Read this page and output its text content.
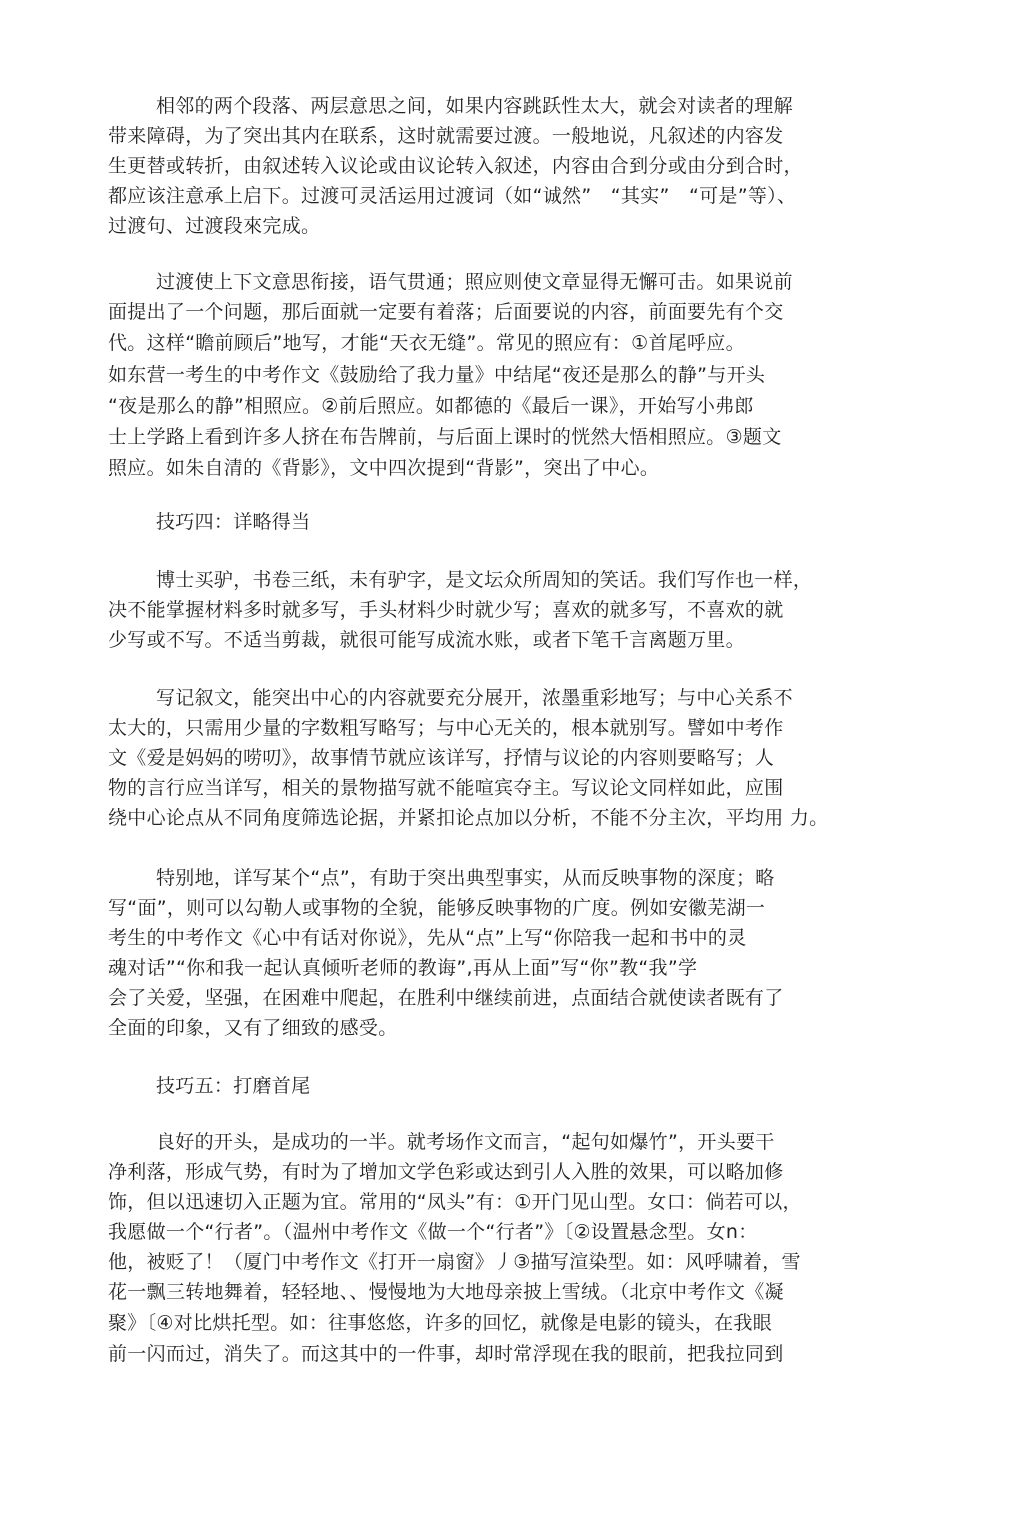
相邻的两个段落、两层意思之间，如果内容跳跃性太大，就会对读者的理解
带来障碍，为了突出其内在联系，这时就需要过渡。一般地说，凡叙述的内容发
生更替或转折，由叙述转入议论或由议论转入叙述，内容由合到分或由分到合时，
都应该注意承上启下。过渡可灵活运用过渡词（如“诚然”　“其实”　“可是”等）、
过渡句、过渡段來完成。
过渡使上下文意思衔接，语气贯通；照应则使文章显得无懈可击。如果说前
面提出了一个问题，那后面就一定要有着落；后面要说的内容，前面要先有个交
代。这样“瞻前顾后”地写，才能“天衣无缝”。常见的照应有：①首尾呼应。
如东营一考生的中考作文《鼓励给了我力量》中结尾“夜还是那么的静”与开头
“夜是那么的静”相照应。②前后照应。如都德的《最后一课》，开始写小弗郎
士上学路上看到许多人挤在布告牌前，与后面上课时的恍然大悟相照应。③题文
照应。如朱自清的《背影》，文中四次提到“背影”，突出了中心。
技巧四：详略得当
博士买驴，书卷三纸，未有驴字，是文坛众所周知的笑话。我们写作也一样，
决不能掌握材料多时就多写，手头材料少时就少写；喜欢的就多写，不喜欢的就
少写或不写。不适当剪裁，就很可能写成流水账，或者下笔千言离题万里。
写记叙文，能突出中心的内容就要充分展开，浓墨重彩地写；与中心关系不
太大的，只需用少量的字数粗写略写；与中心无关的，根本就别写。譬如中考作
文《爱是妈妈的唠叨》，故事情节就应该详写，抒情与议论的内容则要略写；人
物的言行应当详写，相关的景物描写就不能喧宾夺主。写议论文同样如此，应围
绕中心论点从不同角度筛选论据，并紧扣论点加以分析，不能不分主次，平均用 力。
特别地，详写某个“点”，有助于突出典型事实，从而反映事物的深度；略
写“面”，则可以勾勒人或事物的全貌，能够反映事物的广度。例如安徽芜湖一
考生的中考作文《心中有话对你说》，先从“点”上写“你陪我一起和书中的灵
魂对话”“你和我一起认真倾听老师的教诲”,再从上面”写“你”教“我”学
会了关爱，坚强，在困难中爬起，在胜利中继续前进，点面结合就使读者既有了
全面的印象，又有了细致的感受。
技巧五：打磨首尾
良好的开头，是成功的一半。就考场作文而言，“起句如爆竹”，开头要干
净利落，形成气势，有时为了增加文学色彩或达到引人入胜的效果，可以略加修
饰，但以迅速切入正题为宜。常用的“凤头”有：①开门见山型。女口：倘若可以，
我愿做一个“行者”。（温州中考作文《做一个“行者”》〔②设置悬念型。女n：
他，被贬了！（厦门中考作文《打开一扇窗》丿③描写渲染型。如：风呼啸着，雪
花一飘三转地舞着，轻轻地、、慢慢地为大地母亲披上雪绒。（北京中考作文《凝
聚》〔④对比烘托型。如：往事悠悠，许多的回忆，就像是电影的镜头，在我眼
前一闪而过，消失了。而这其中的一件事，却时常浮现在我的眼前，把我拉同到
